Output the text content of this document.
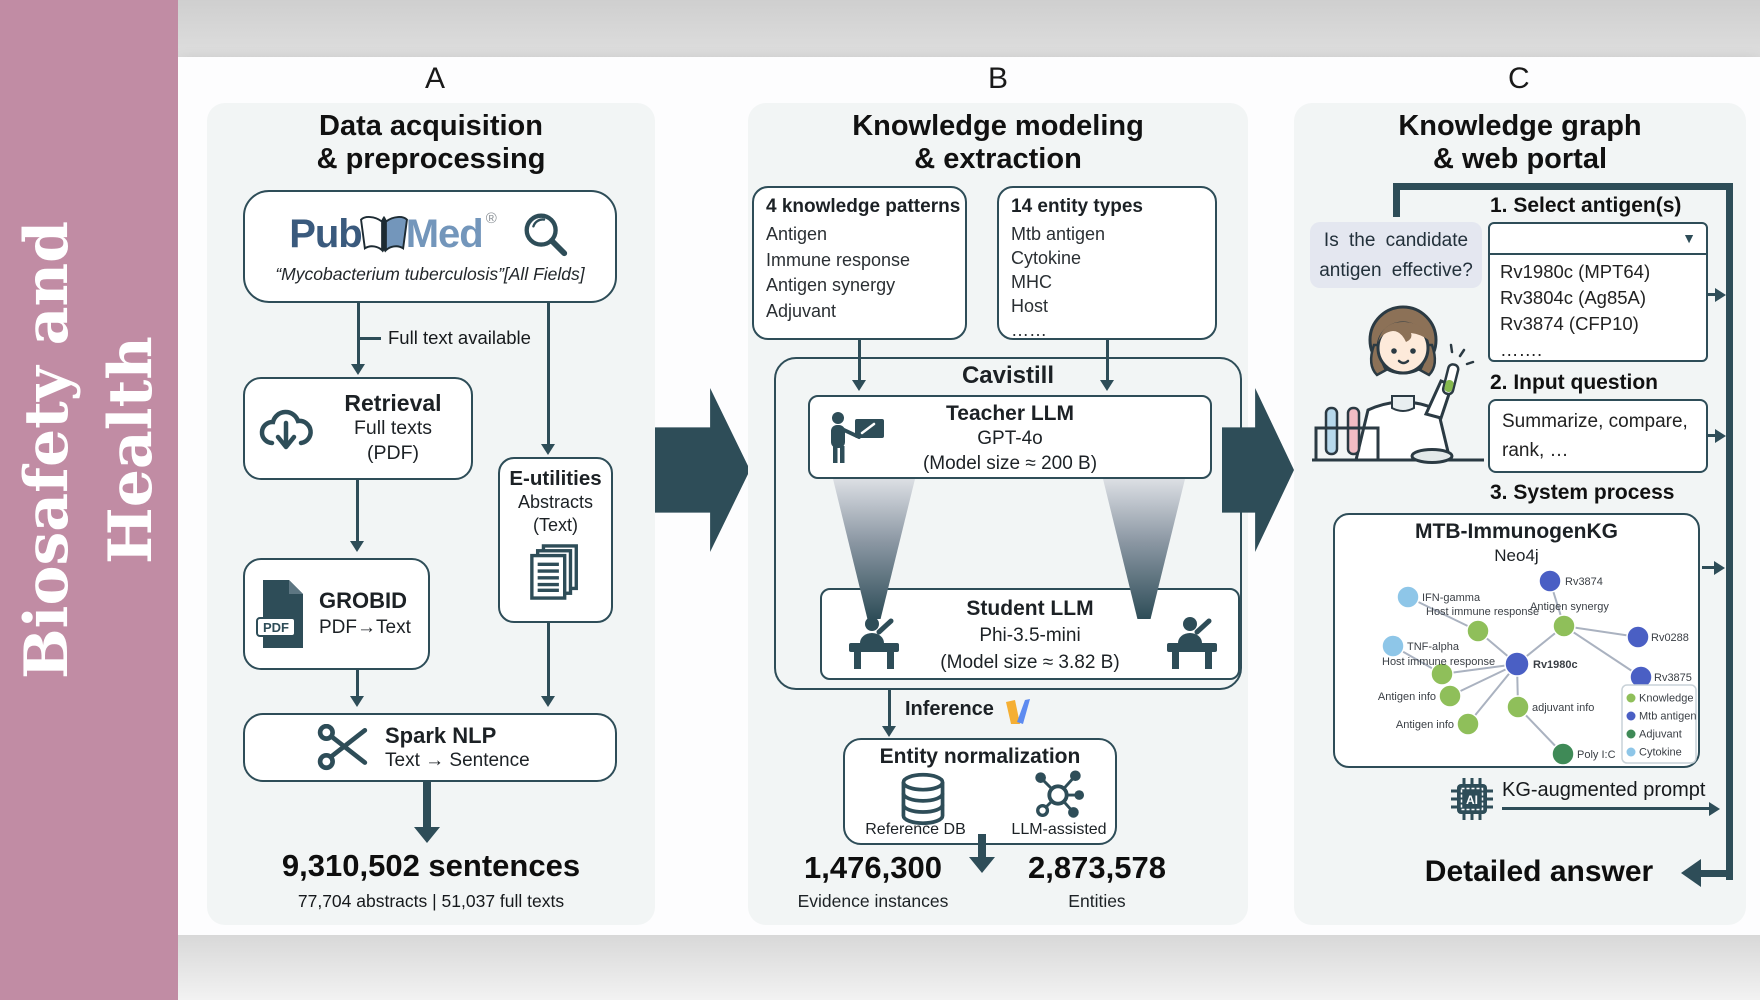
Biosafety and Health
A	B	C
Data acquisition
& preprocessing
Pub Med ®
“Mycobacterium tuberculosis”[All Fields]
Full text available
Retrieval
Full texts
(PDF)
E-utilities
Abstracts
(Text)
PDF
GROBID
PDF→Text
Spark NLP
Text → Sentence
9,310,502 sentences
77,704 abstracts | 51,037 full texts
Knowledge modeling
& extraction
4 knowledge patterns
Antigen
Immune response
Antigen synergy
Adjuvant
14 entity types
Mtb antigen
Cytokine
MHC
Host
……
Cavistill
Teacher LLM
GPT-4o
(Model size ≈ 200 B)
Student LLM
Phi-3.5-mini
(Model size ≈ 3.82 B)
Inference
Entity normalization
Reference DB	LLM-assisted
1,476,300
Evidence instances
2,873,578
Entities
Knowledge graph
& web portal
1. Select antigen(s)
▼
Rv1980c (MPT64)
Rv3804c (Ag85A)
Rv3874 (CFP10)
…….
Is the candidate
antigen effective?
2. Input question
Summarize, compare,
rank, …
3. System process
MTB-ImmunogenKG
Neo4j
IFN-gamma
Host immune response
TNF-alpha
Host immune response
Antigen info
Antigen info
Rv1980c
Antigen synergy
Rv3874
Rv0288
Rv3875
adjuvant info
Poly I:C
Knowledge
Mtb antigen
Adjuvant
Cytokine
AI KG-augmented prompt
Detailed answer
